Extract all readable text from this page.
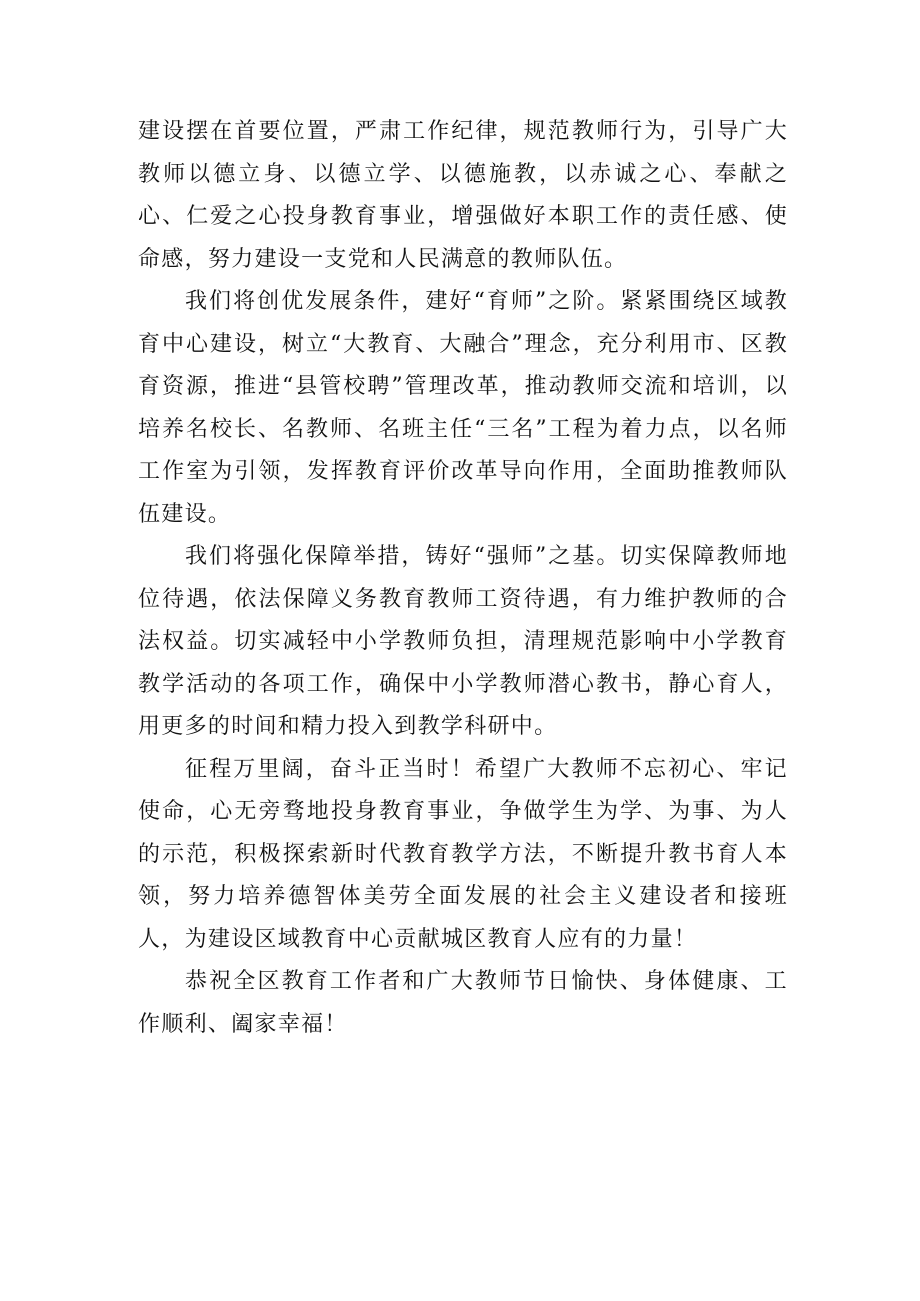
建设摆在首要位置，严肃工作纪律，规范教师行为，引导广大教师以德立身、以德立学、以德施教，以赤诚之心、奉献之心、仁爱之心投身教育事业，增强做好本职工作的责任感、使命感，努力建设一支党和人民满意的教师队伍。

我们将创优发展条件，建好“育师”之阶。紧紧围绕区域教育中心建设，树立“大教育、大融合”理念，充分利用市、区教育资源，推进“县管校聘”管理改革，推动教师交流和培训，以培养名校长、名教师、名班主任“三名”工程为着力点，以名师工作室为引领，发挥教育评价改革导向作用，全面助推教师队伍建设。

我们将强化保障举措，铸好“强师”之基。切实保障教师地位待遇，依法保障义务教育教师工资待遇，有力维护教师的合法权益。切实减轻中小学教师负担，清理规范影响中小学教育教学活动的各项工作，确保中小学教师潜心教书，静心育人，用更多的时间和精力投入到教学科研中。

征程万里阔，奋斗正当时！希望广大教师不忘初心、牢记使命，心无旁骛地投身教育事业，争做学生为学、为事、为人的示范，积极探索新时代教育教学方法，不断提升教书育人本领，努力培养德智体美劳全面发展的社会主义建设者和接班人，为建设区域教育中心贡献城区教育人应有的力量！

恭祝全区教育工作者和广大教师节日愉快、身体健康、工作顺利、阖家幸福！
